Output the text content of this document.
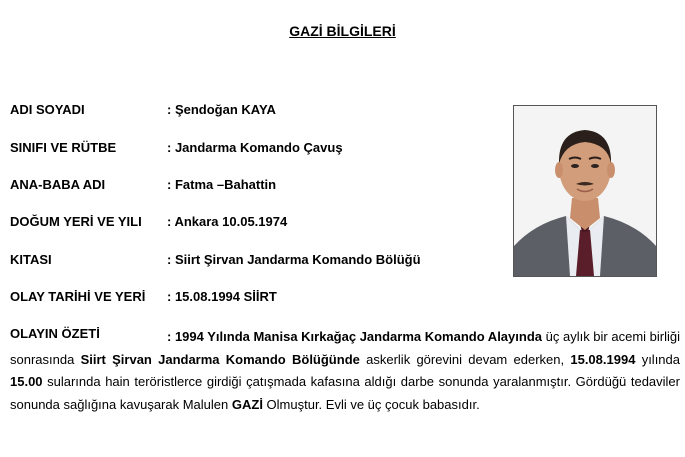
GAZİ BİLGİLERİ
ADI SOYADI	: Şendoğan KAYA
SINIFI VE RÜTBE	: Jandarma Komando Çavuş
ANA-BABA ADI	: Fatma –Bahattin
DOĞUM YERİ VE YILI : Ankara 10.05.1974
KITASI	: Siirt Şirvan Jandarma Komando Bölüğü
OLAY TARİHİ VE YERİ : 15.08.1994 SİİRT
OLAYIN ÖZETİ	: 1994 Yılında Manisa Kırkağaç Jandarma Komando Alayında üç aylık bir acemi birliği sonrasında Siirt Şirvan Jandarma Komando Bölüğünde askerlik görevini devam ederken, 15.08.1994 yılında 15.00 sularında hain teröristlerce girdiği çatışmada kafasına aldığı darbe sonunda yaralanmıştır. Gördüğü tedaviler sonunda sağlığına kavuşarak Malulen GAZİ Olmuştur. Evli ve üç çocuk babasıdır.
